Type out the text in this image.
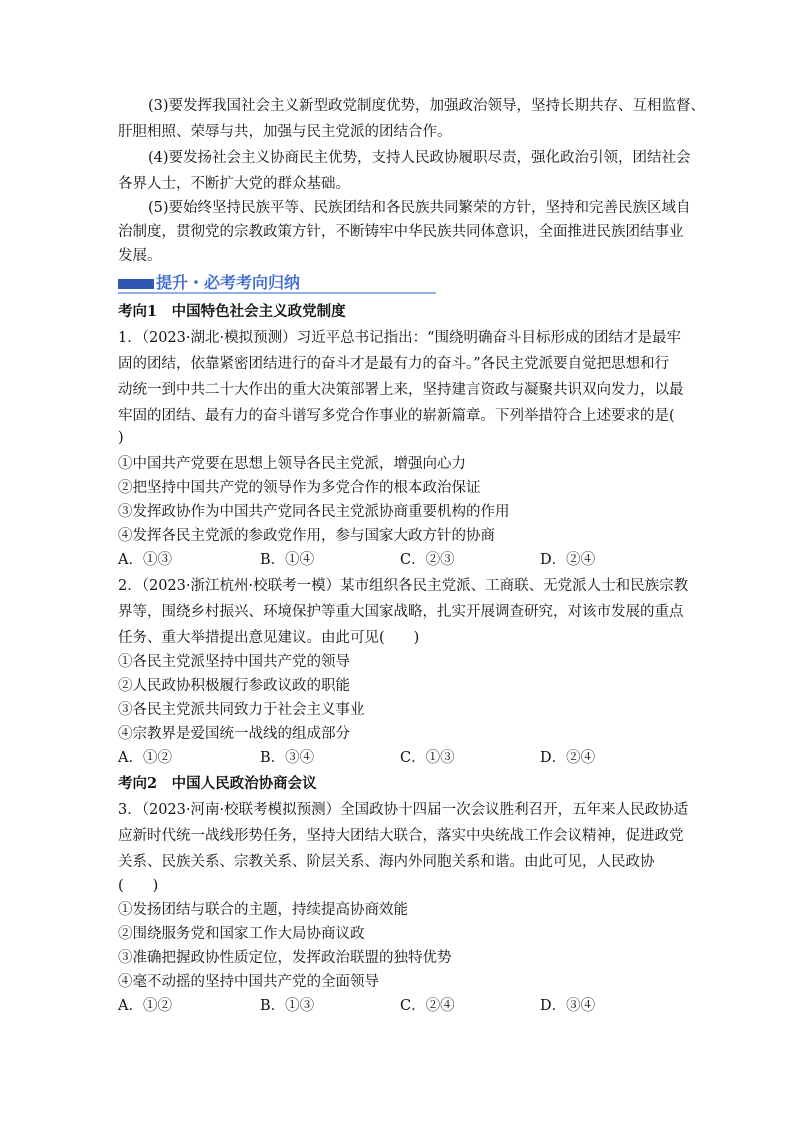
(3)要发挥我国社会主义新型政党制度优势，加强政治领导，坚持长期共存、互相监督、
肝胆相照、荣辱与共，加强与民主党派的团结合作。
(4)要发扬社会主义协商民主优势，支持人民政协履职尽责，强化政治引领，团结社会
各界人士，不断扩大党的群众基础。
(5)要始终坚持民族平等、民族团结和各民族共同繁荣的方针，坚持和完善民族区域自
治制度，贯彻党的宗教政策方针，不断铸牢中华民族共同体意识，全面推进民族团结事业
发展。
提升・必考考向归纳
考向1　中国特色社会主义政党制度
1．（2023·湖北·模拟预测）习近平总书记指出：“围绕明确奋斗目标形成的团结才是最牢
固的团结，依靠紧密团结进行的奋斗才是最有力的奋斗。”各民主党派要自觉把思想和行
动统一到中共二十大作出的重大决策部署上来，坚持建言资政与凝聚共识双向发力，以最
牢固的团结、最有力的奋斗谱写多党合作事业的崭新篇章。下列举措符合上述要求的是(
)
①中国共产党要在思想上领导各民主党派，增强向心力
②把坚持中国共产党的领导作为多党合作的根本政治保证
③发挥政协作为中国共产党同各民主党派协商重要机构的作用
④发挥各民主党派的参政党作用，参与国家大政方针的协商
A．①③	B．①④	C．②③	D．②④
2．（2023·浙江杭州·校联考一模）某市组织各民主党派、工商联、无党派人士和民族宗教
界等，围绕乡村振兴、环境保护等重大国家战略，扎实开展调查研究，对该市发展的重点
任务、重大举措提出意见建议。由此可见(　　)
①各民主党派坚持中国共产党的领导
②人民政协积极履行参政议政的职能
③各民主党派共同致力于社会主义事业
④宗教界是爱国统一战线的组成部分
A．①②	B．③④	C．①③	D．②④
考向2　中国人民政治协商会议
3．（2023·河南·校联考模拟预测）全国政协十四届一次会议胜利召开，五年来人民政协适
应新时代统一战线形势任务，坚持大团结大联合，落实中央统战工作会议精神，促进政党
关系、民族关系、宗教关系、阶层关系、海内外同胞关系和谐。由此可见，人民政协
(　　)
①发扬团结与联合的主题，持续提高协商效能
②围绕服务党和国家工作大局协商议政
③准确把握政协性质定位，发挥政治联盟的独特优势
④毫不动摇的坚持中国共产党的全面领导
A．①②	B．①③	C．②④	D．③④
